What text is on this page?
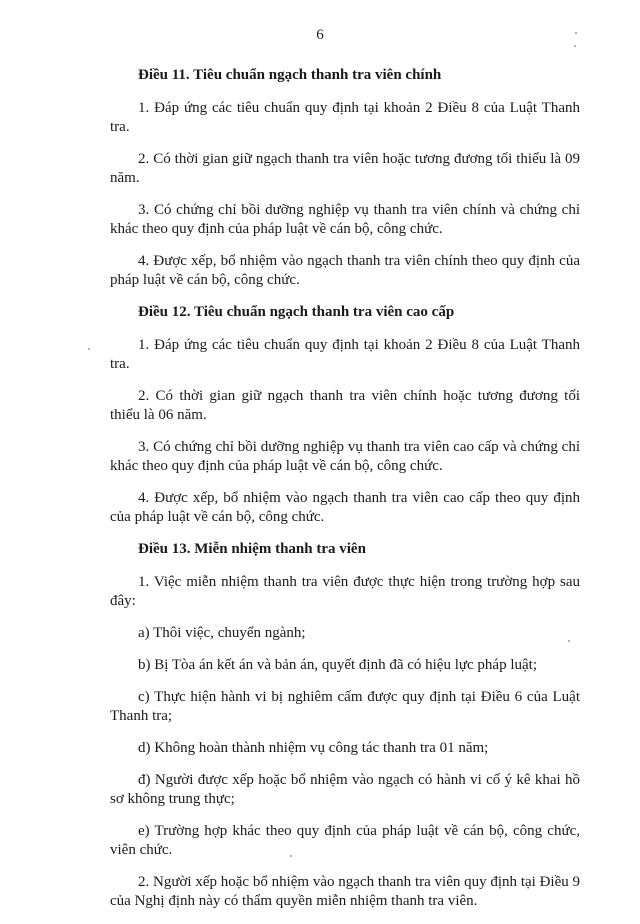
6
Điều 11. Tiêu chuẩn ngạch thanh tra viên chính

1. Đáp ứng các tiêu chuẩn quy định tại khoản 2 Điều 8 của Luật Thanh tra.

2. Có thời gian giữ ngạch thanh tra viên hoặc tương đương tối thiểu là 09 năm.

3. Có chứng chỉ bồi dưỡng nghiệp vụ thanh tra viên chính và chứng chỉ khác theo quy định của pháp luật về cán bộ, công chức.

4. Được xếp, bổ nhiệm vào ngạch thanh tra viên chính theo quy định của pháp luật về cán bộ, công chức.

Điều 12. Tiêu chuẩn ngạch thanh tra viên cao cấp

1. Đáp ứng các tiêu chuẩn quy định tại khoản 2 Điều 8 của Luật Thanh tra.

2. Có thời gian giữ ngạch thanh tra viên chính hoặc tương đương tối thiểu là 06 năm.

3. Có chứng chỉ bồi dưỡng nghiệp vụ thanh tra viên cao cấp và chứng chỉ khác theo quy định của pháp luật về cán bộ, công chức.

4. Được xếp, bổ nhiệm vào ngạch thanh tra viên cao cấp theo quy định của pháp luật về cán bộ, công chức.

Điều 13. Miễn nhiệm thanh tra viên

1. Việc miễn nhiệm thanh tra viên được thực hiện trong trường hợp sau đây:

a) Thôi việc, chuyển ngành;

b) Bị Tòa án kết án và bản án, quyết định đã có hiệu lực pháp luật;

c) Thực hiện hành vi bị nghiêm cấm được quy định tại Điều 6 của Luật Thanh tra;

d) Không hoàn thành nhiệm vụ công tác thanh tra 01 năm;

đ) Người được xếp hoặc bổ nhiệm vào ngạch có hành vi cố ý kê khai hồ sơ không trung thực;

e) Trường hợp khác theo quy định của pháp luật về cán bộ, công chức, viên chức.

2. Người xếp hoặc bổ nhiệm vào ngạch thanh tra viên quy định tại Điều 9 của Nghị định này có thẩm quyền miễn nhiệm thanh tra viên.
